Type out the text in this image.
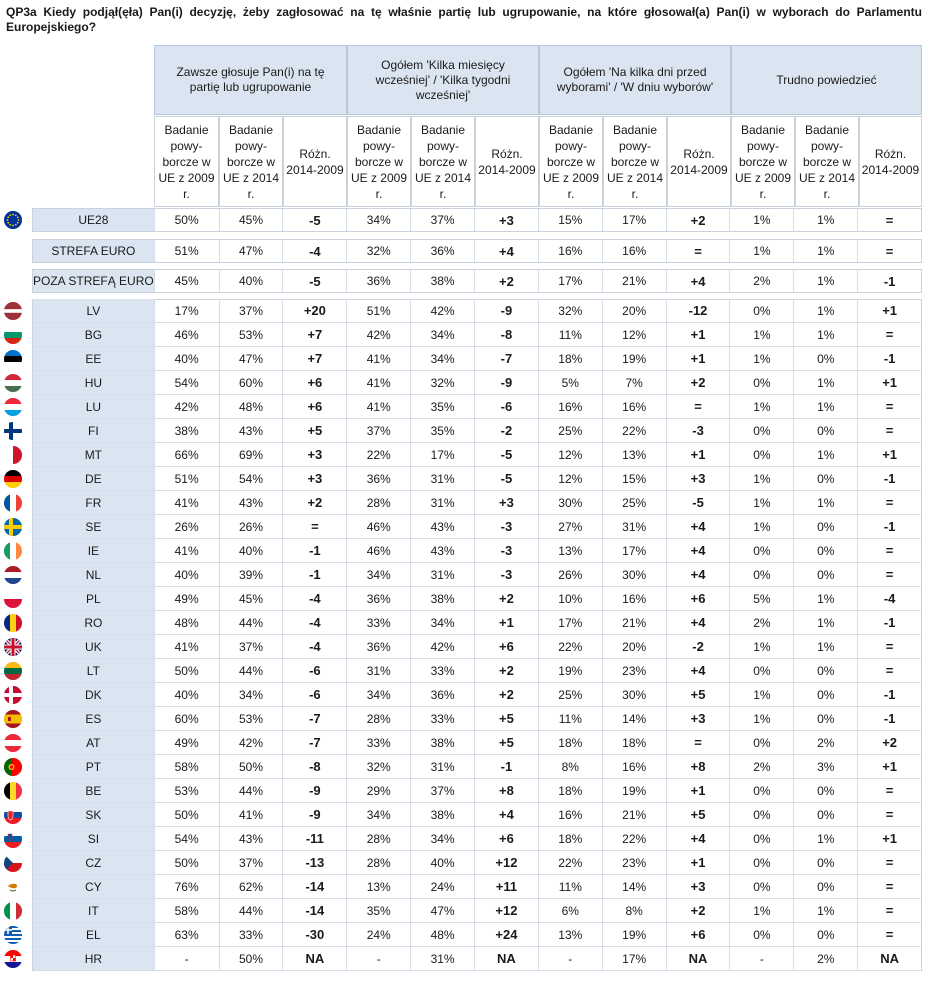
QP3a Kiedy podjął(ęła) Pan(i) decyzję, żeby zagłosować na tę właśnie partię lub ugrupowanie, na które głosował(a) Pan(i) w wyborach do Parlamentu Europejskiego?
Zawsze głosuje Pan(i) na tę partię lub ugrupowanie
Badanie powy-borcze w UE z 2009 r.
Badanie powy-borcze w UE z 2014 r.
Różn. 2014-2009
Ogółem 'Kilka miesięcy wcześniej' / 'Kilka tygodni wcześniej'
Badanie powy-borcze w UE z 2009 r.
Badanie powy-borcze w UE z 2014 r.
Różn. 2014-2009
Ogółem 'Na kilka dni przed wyborami' / 'W dniu wyborów'
Badanie powy-borcze w UE z 2009 r.
Badanie powy-borcze w UE z 2014 r.
Różn. 2014-2009
Trudno powiedzieć
Badanie powy-borcze w UE z 2009 r.
Badanie powy-borcze w UE z 2014 r.
Różn. 2014-2009
UE28	50%	45%	-5	34%	37%	+3	15%	17%	+2	1%	1%	=
STREFA EURO	51%	47%	-4	32%	36%	+4	16%	16%	=	1%	1%	=
POZA STREFĄ EURO	45%	40%	-5	36%	38%	+2	17%	21%	+4	2%	1%	-1
LV	17%	37%	+20	51%	42%	-9	32%	20%	-12	0%	1%	+1
BG	46%	53%	+7	42%	34%	-8	11%	12%	+1	1%	1%	=
EE	40%	47%	+7	41%	34%	-7	18%	19%	+1	1%	0%	-1
HU	54%	60%	+6	41%	32%	-9	5%	7%	+2	0%	1%	+1
LU	42%	48%	+6	41%	35%	-6	16%	16%	=	1%	1%	=
FI	38%	43%	+5	37%	35%	-2	25%	22%	-3	0%	0%	=
MT	66%	69%	+3	22%	17%	-5	12%	13%	+1	0%	1%	+1
DE	51%	54%	+3	36%	31%	-5	12%	15%	+3	1%	0%	-1
FR	41%	43%	+2	28%	31%	+3	30%	25%	-5	1%	1%	=
SE	26%	26%	=	46%	43%	-3	27%	31%	+4	1%	0%	-1
IE	41%	40%	-1	46%	43%	-3	13%	17%	+4	0%	0%	=
NL	40%	39%	-1	34%	31%	-3	26%	30%	+4	0%	0%	=
PL	49%	45%	-4	36%	38%	+2	10%	16%	+6	5%	1%	-4
RO	48%	44%	-4	33%	34%	+1	17%	21%	+4	2%	1%	-1
UK	41%	37%	-4	36%	42%	+6	22%	20%	-2	1%	1%	=
LT	50%	44%	-6	31%	33%	+2	19%	23%	+4	0%	0%	=
DK	40%	34%	-6	34%	36%	+2	25%	30%	+5	1%	0%	-1
ES	60%	53%	-7	28%	33%	+5	11%	14%	+3	1%	0%	-1
AT	49%	42%	-7	33%	38%	+5	18%	18%	=	0%	2%	+2
PT	58%	50%	-8	32%	31%	-1	8%	16%	+8	2%	3%	+1
BE	53%	44%	-9	29%	37%	+8	18%	19%	+1	0%	0%	=
SK	50%	41%	-9	34%	38%	+4	16%	21%	+5	0%	0%	=
SI	54%	43%	-11	28%	34%	+6	18%	22%	+4	0%	1%	+1
CZ	50%	37%	-13	28%	40%	+12	22%	23%	+1	0%	0%	=
CY	76%	62%	-14	13%	24%	+11	11%	14%	+3	0%	0%	=
IT	58%	44%	-14	35%	47%	+12	6%	8%	+2	1%	1%	=
EL	63%	33%	-30	24%	48%	+24	13%	19%	+6	0%	0%	=
HR	-	50%	NA	-	31%	NA	-	17%	NA	-	2%	NA
